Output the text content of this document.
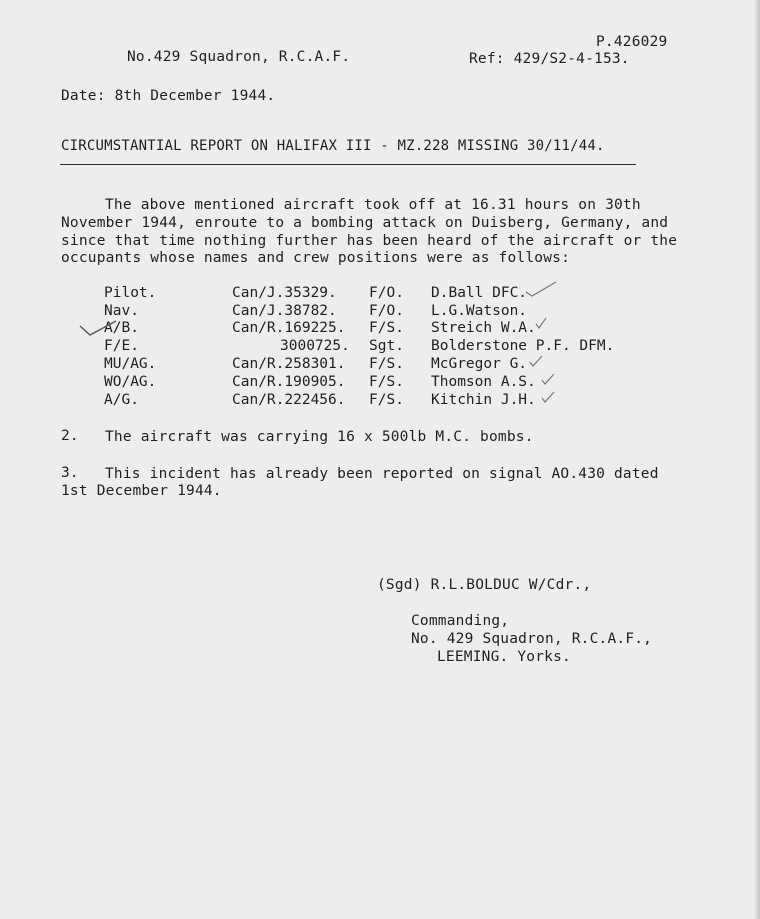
P.426029
No.429 Squadron, R.C.A.F.	Ref: 429/S2-4-153.
Date: 8th December 1944.
CIRCUMSTANTIAL REPORT ON HALIFAX III - MZ.228 MISSING 30/11/44.
The above mentioned aircraft took off at 16.31 hours on 30th
November 1944, enroute to a bombing attack on Duisberg, Germany, and
since that time nothing further has been heard of the aircraft or the
occupants whose names and crew positions were as follows:
Pilot.	Can/J.35329. F/O. D.Ball DFC.
Nav.	Can/J.38782. F/O. L.G.Watson.
A/B.	Can/R.169225. F/S. Streich W.A.
F/E.	3000725. Sgt. Bolderstone P.F. DFM.
MU/AG.	Can/R.258301. F/S. McGregor G.
WO/AG.	Can/R.190905. F/S. Thomson A.S.
A/G.	Can/R.222456. F/S. Kitchin J.H.
2. The aircraft was carrying 16 x 500lb M.C. bombs.
3. This incident has already been reported on signal AO.430 dated
1st December 1944.
(Sgd) R.L.BOLDUC W/Cdr.,
Commanding,
No. 429 Squadron, R.C.A.F.,
LEEMING. Yorks.
